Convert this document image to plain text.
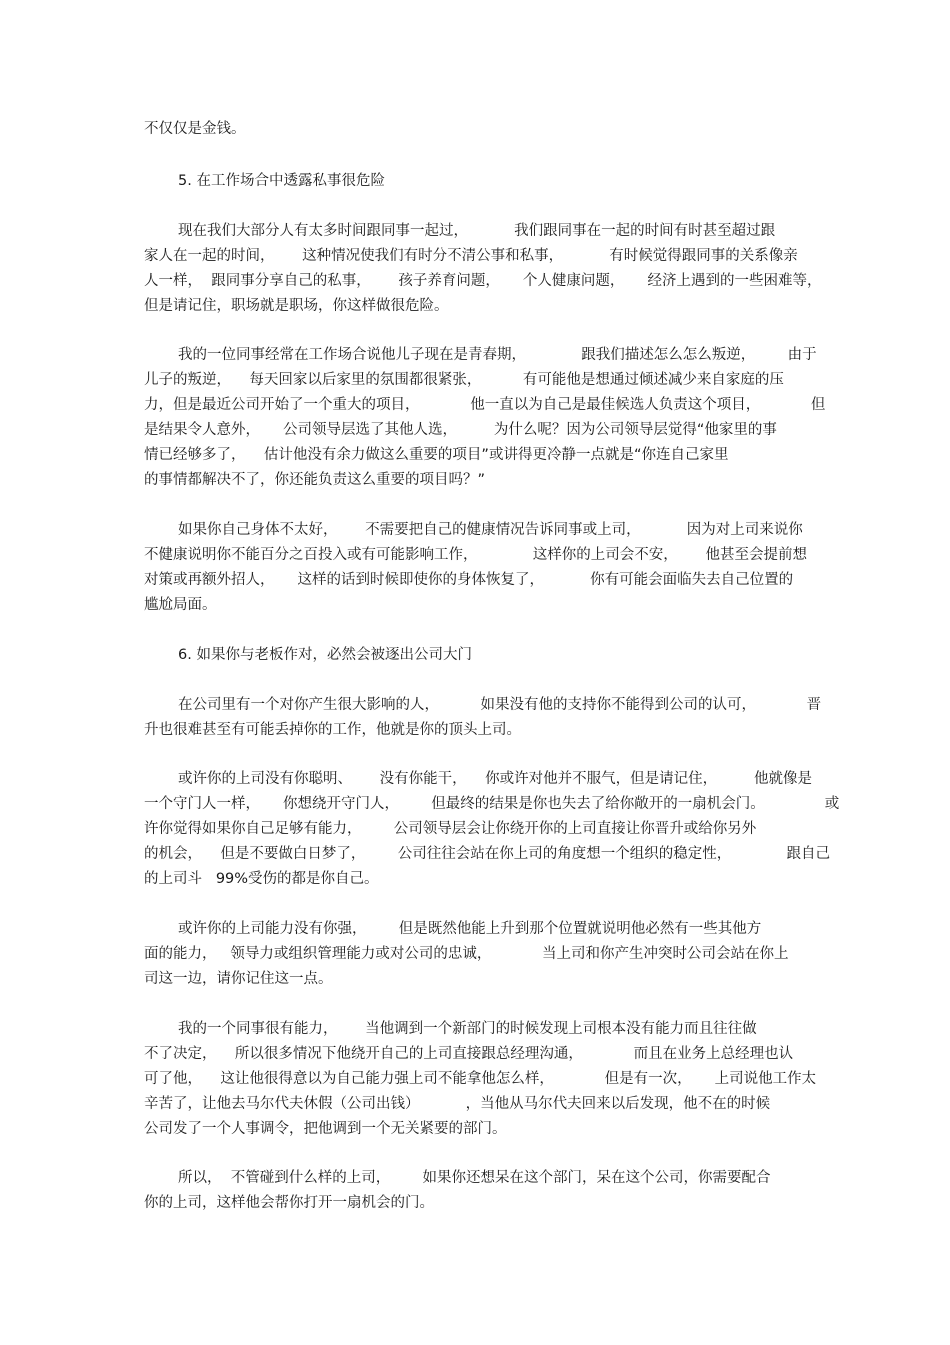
不仅仅是金钱。
5. 在工作场合中透露私事很危险
现在我们大部分人有太多时间跟同事一起过，          我们跟同事在一起的时间有时甚至超过跟
家人在一起的时间，      这种情况使我们有时分不清公事和私事，          有时候觉得跟同事的关系像亲
人一样，  跟同事分享自己的私事，      孩子养育问题，     个人健康问题，     经济上遇到的一些困难等，
但是请记住，职场就是职场，你这样做很危险。
我的一位同事经常在工作场合说他儿子现在是青春期，            跟我们描述怎么怎么叛逆，       由于
儿子的叛逆，    每天回家以后家里的氛围都很紧张，         有可能他是想通过倾述减少来自家庭的压
力，但是最近公司开始了一个重大的项目，           他一直以为自己是最佳候选人负责这个项目，           但
是结果令人意外，     公司领导层选了其他人选，        为什么呢？因为公司领导层觉得“他家里的事
情已经够多了，    估计他没有余力做这么重要的项目”或讲得更冷静一点就是“你连自己家里
的事情都解决不了，你还能负责这么重要的项目吗？”
如果你自己身体不太好，      不需要把自己的健康情况告诉同事或上司，          因为对上司来说你
不健康说明你不能百分之百投入或有可能影响工作，            这样你的上司会不安，      他甚至会提前想
对策或再额外招人，     这样的话到时候即使你的身体恢复了，          你有可能会面临失去自己位置的
尴尬局面。
6. 如果你与老板作对，必然会被逐出公司大门
在公司里有一个对你产生很大影响的人，         如果没有他的支持你不能得到公司的认可，           晋
升也很难甚至有可能丢掉你的工作，他就是你的顶头上司。
或许你的上司没有你聪明、      没有你能干，    你或许对他并不服气，但是请记住，        他就像是
一个守门人一样，     你想绕开守门人，       但最终的结果是你也失去了给你敞开的一扇机会门。             或
许你觉得如果你自己足够有能力，       公司领导层会让你绕开你的上司直接让你晋升或给你另外
的机会，    但是不要做白日梦了，       公司往往会站在你上司的角度想一个组织的稳定性，            跟自己
的上司斗   99%受伤的都是你自己。
或许你的上司能力没有你强，       但是既然他能上升到那个位置就说明他必然有一些其他方
面的能力，   领导力或组织管理能力或对公司的忠诚，           当上司和你产生冲突时公司会站在你上
司这一边，请你记住这一点。
我的一个同事很有能力，      当他调到一个新部门的时候发现上司根本没有能力而且往往做
不了决定，    所以很多情况下他绕开自己的上司直接跟总经理沟通，           而且在业务上总经理也认
可了他，    这让他很得意以为自己能力强上司不能拿他怎么样，           但是有一次，     上司说他工作太
辛苦了，让他去马尔代夫休假（公司出钱）          ，当他从马尔代夫回来以后发现，他不在的时候
公司发了一个人事调令，把他调到一个无关紧要的部门。
所以，  不管碰到什么样的上司，       如果你还想呆在这个部门，呆在这个公司，你需要配合
你的上司，这样他会帮你打开一扇机会的门。
